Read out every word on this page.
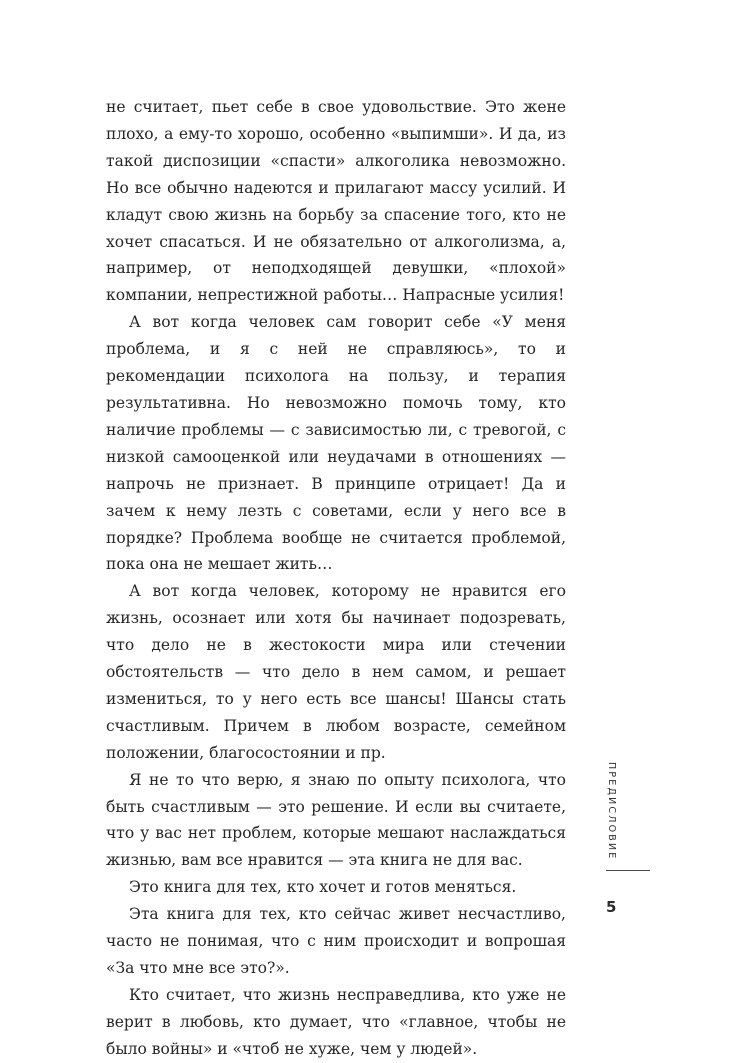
не считает, пьет себе в свое удовольствие. Это жене плохо, а ему-то хорошо, особенно «выпимши». И да, из такой диспозиции «спасти» алкоголика невозможно. Но все обычно надеются и прилагают массу усилий. И кладут свою жизнь на борьбу за спасение того, кто не хочет спасаться. И не обязательно от алкоголизма, а, например, от неподходящей девушки, «плохой» компании, непрестижной работы… Напрасные усилия!

А вот когда человек сам говорит себе «У меня проблема, и я с ней не справляюсь», то и рекомендации психолога на пользу, и терапия результативна. Но невозможно помочь тому, кто наличие проблемы — с зависимостью ли, с тревогой, с низкой самооценкой или неудачами в отношениях — напрочь не признает. В принципе отрицает! Да и зачем к нему лезть с советами, если у него все в порядке? Проблема вообще не считается проблемой, пока она не мешает жить…

А вот когда человек, которому не нравится его жизнь, осознает или хотя бы начинает подозревать, что дело не в жестокости мира или стечении обстоятельств — что дело в нем самом, и решает измениться, то у него есть все шансы! Шансы стать счастливым. Причем в любом возрасте, семейном положении, благосостоянии и пр.

Я не то что верю, я знаю по опыту психолога, что быть счастливым — это решение. И если вы считаете, что у вас нет проблем, которые мешают наслаждаться жизнью, вам все нравится — эта книга не для вас.

Это книга для тех, кто хочет и готов меняться.

Эта книга для тех, кто сейчас живет несчастливо, часто не понимая, что с ним происходит и вопрошая «За что мне все это?».

Кто считает, что жизнь несправедлива, кто уже не верит в любовь, кто думает, что «главное, чтобы не было войны» и «чтоб не хуже, чем у людей».

ПРЕДИСЛОВИЕ
5
